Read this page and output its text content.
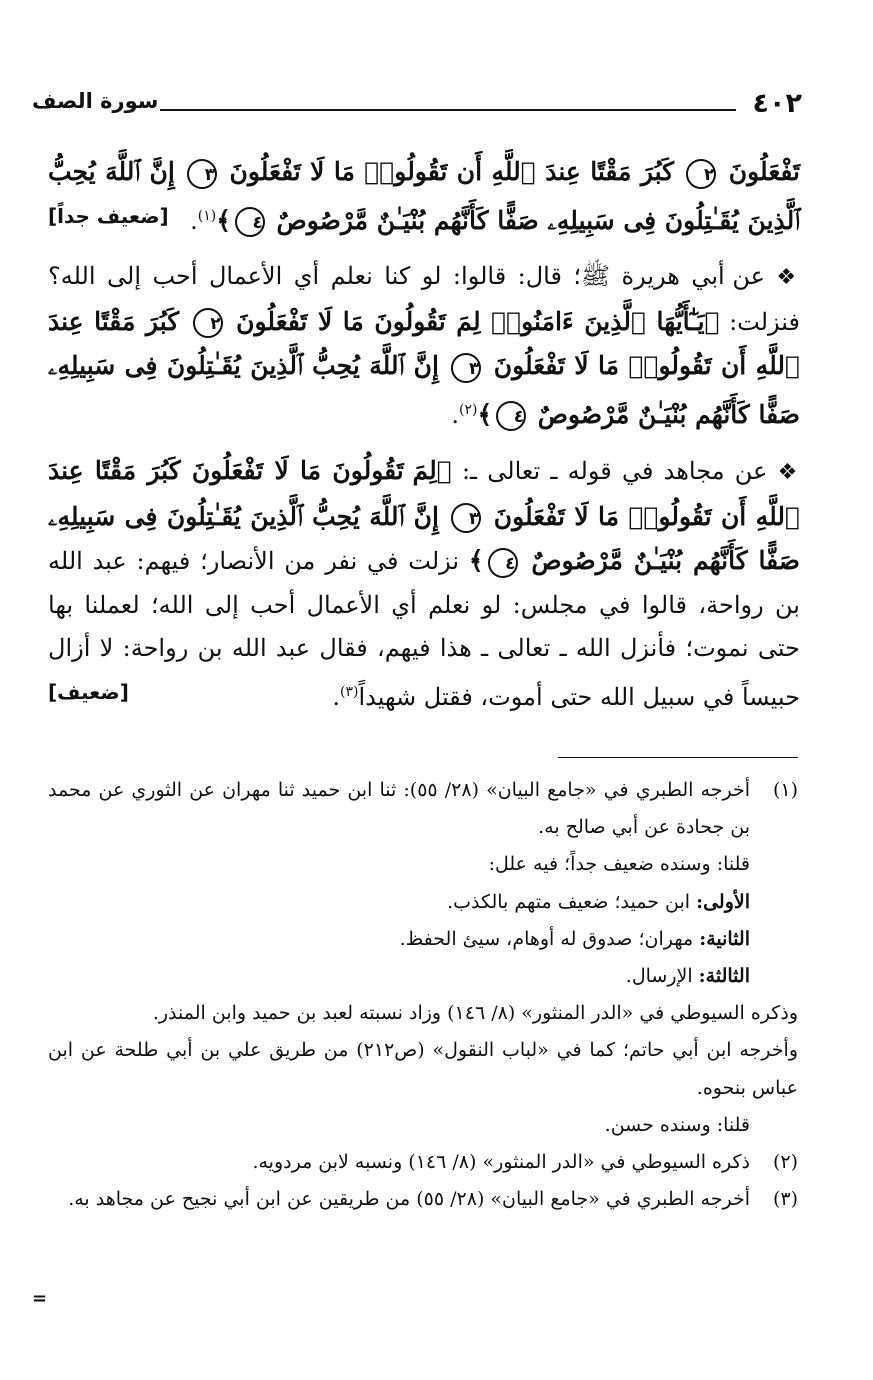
٤٠٢
سورة الصف

تَفْعَلُونَ ٢ كَبُرَ مَقْتًا عِندَ ٱللَّهِ أَن تَقُولُوا۟ مَا لَا تَفْعَلُونَ ٣ إِنَّ ٱللَّهَ يُحِبُّ ٱلَّذِينَ يُقَـٰتِلُونَ فِى سَبِيلِهِۦ صَفًّا كَأَنَّهُم بُنْيَـٰنٌ مَّرْصُوصٌ ٤﴾$^{(١)}$.
[ضعيف جداً]

❖ عن أبي هريرة ﷺ؛ قال: قالوا: لو كنا نعلم أي الأعمال أحب إلى الله؟ فنزلت: ﴿يَـٰٓأَيُّهَا ٱلَّذِينَ ءَامَنُوا۟ لِمَ تَقُولُونَ مَا لَا تَفْعَلُونَ ٢ كَبُرَ مَقْتًا عِندَ ٱللَّهِ أَن تَقُولُوا۟ مَا لَا تَفْعَلُونَ ٣ إِنَّ ٱللَّهَ يُحِبُّ ٱلَّذِينَ يُقَـٰتِلُونَ فِى سَبِيلِهِۦ صَفًّا كَأَنَّهُم بُنْيَـٰنٌ مَّرْصُوصٌ ٤﴾$^{(٢)}$.

❖ عن مجاهد في قوله ـ تعالى ـ: ﴿لِمَ تَقُولُونَ مَا لَا تَفْعَلُونَ كَبُرَ مَقْتًا عِندَ ٱللَّهِ أَن تَقُولُوا۟ مَا لَا تَفْعَلُونَ ٣ إِنَّ ٱللَّهَ يُحِبُّ ٱلَّذِينَ يُقَـٰتِلُونَ فِى سَبِيلِهِۦ صَفًّا كَأَنَّهُم بُنْيَـٰنٌ مَّرْصُوصٌ ٤﴾ نزلت في نفر من الأنصار؛ فيهم: عبد الله بن رواحة، قالوا في مجلس: لو نعلم أي الأعمال أحب إلى الله؛ لعملنا بها حتى نموت؛ فأنزل الله ـ تعالى ـ هذا فيهم، فقال عبد الله بن رواحة: لا أزال حبيساً في سبيل الله حتى أموت، فقتل شهيداً$^{(٣)}$.
[ضعيف]

(١)
أخرجه الطبري في «جامع البيان» (٢٨/ ٥٥): ثنا ابن حميد ثنا مهران عن الثوري عن محمد بن جحادة عن أبي صالح به.
قلنا: وسنده ضعيف جداً؛ فيه علل:
الأولى: ابن حميد؛ ضعيف متهم بالكذب.
الثانية: مهران؛ صدوق له أوهام، سيئ الحفظ.
الثالثة: الإرسال.
وذكره السيوطي في «الدر المنثور» (٨/ ١٤٦) وزاد نسبته لعبد بن حميد وابن المنذر.
وأخرجه ابن أبي حاتم؛ كما في «لباب النقول» (ص٢١٢) من طريق علي بن أبي طلحة عن ابن عباس بنحوه.
قلنا: وسنده حسن.
(٢)
ذكره السيوطي في «الدر المنثور» (٨/ ١٤٦) ونسبه لابن مردويه.
(٣)
أخرجه الطبري في «جامع البيان» (٢٨/ ٥٥) من طريقين عن ابن أبي نجيح عن مجاهد به.
=
